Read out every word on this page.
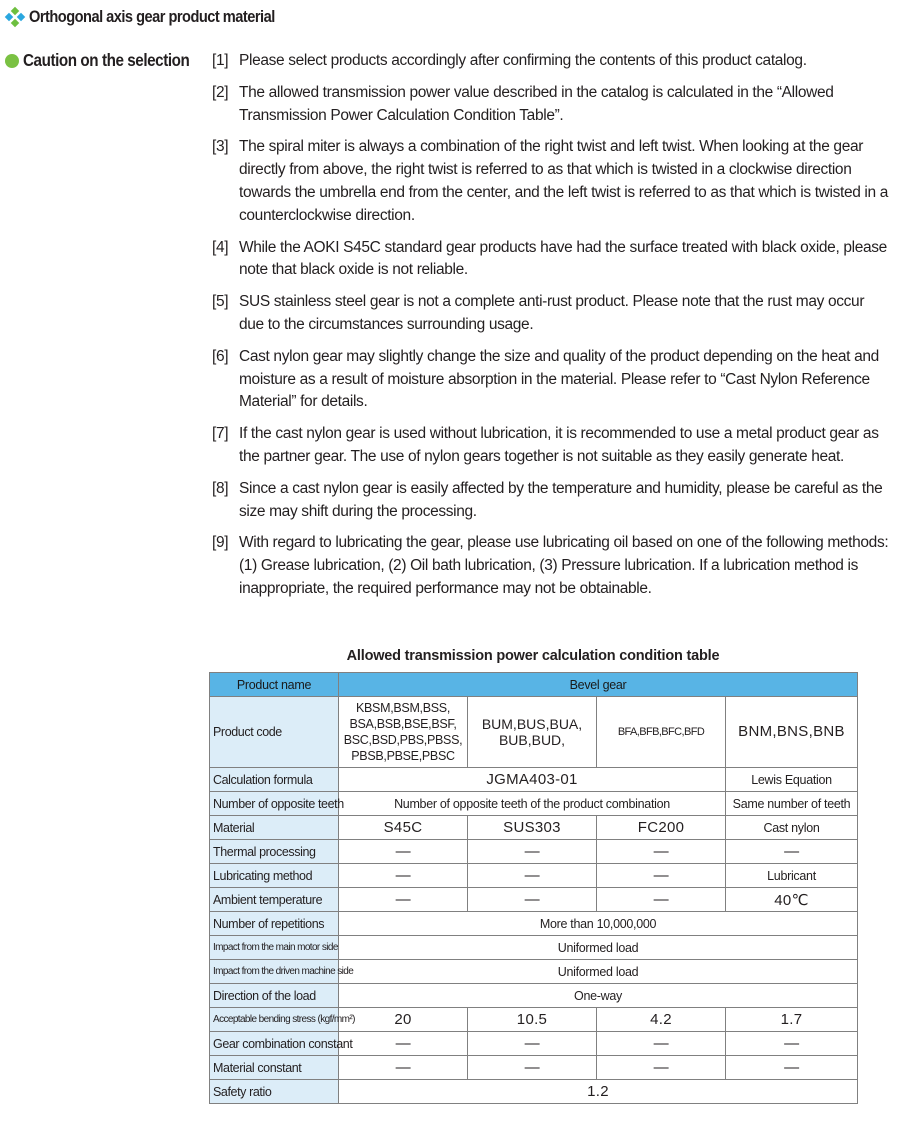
Orthogonal axis gear product material
Caution on the selection [1] Please select products accordingly after confirming the contents of this product catalog.
[2] The allowed transmission power value described in the catalog is calculated in the “Allowed Transmission Power Calculation Condition Table”.
[3] The spiral miter is always a combination of the right twist and left twist. When looking at the gear directly from above, the right twist is referred to as that which is twisted in a clockwise direction towards the umbrella end from the center, and the left twist is referred to as that which is twisted in a counterclockwise direction.
[4] While the AOKI S45C standard gear products have had the surface treated with black oxide, please note that black oxide is not reliable.
[5] SUS stainless steel gear is not a complete anti-rust product. Please note that the rust may occur due to the circumstances surrounding usage.
[6] Cast nylon gear may slightly change the size and quality of the product depending on the heat and moisture as a result of moisture absorption in the material. Please refer to “Cast Nylon Reference Material” for details.
[7] If the cast nylon gear is used without lubrication, it is recommended to use a metal product gear as the partner gear. The use of nylon gears together is not suitable as they easily generate heat.
[8] Since a cast nylon gear is easily affected by the temperature and humidity, please be careful as the size may shift during the processing.
[9] With regard to lubricating the gear, please use lubricating oil based on one of the following methods: (1) Grease lubrication, (2) Oil bath lubrication, (3) Pressure lubrication. If a lubrication method is inappropriate, the required performance may not be obtainable.
Allowed transmission power calculation condition table
Product name	Bevel gear			
Product code	KBSM,BSM,BSS, BSA,BSB,BSE,BSF, BSC,BSD,PBS,PBSS, PBSB,PBSE,PBSC	BUM,BUS,BUA, BUB,BUD,	BFA,BFB,BFC,BFD	BNM,BNS,BNB
Calculation formula	JGMA403-01			Lewis Equation
Number of opposite teeth	Number of opposite teeth of the product combination			Same number of teeth
Material	S45C	SUS303	FC200	Cast nylon
Thermal processing	—	—	—	—
Lubricating method	—	—	—	Lubricant
Ambient temperature	—	—	—	40℃
Number of repetitions	More than 10,000,000			
Impact from the main motor side	Uniformed load			
Impact from the driven machine side	Uniformed load			
Direction of the load	One-way			
Acceptable bending stress (kgf/mm²)	20	10.5	4.2	1.7
Gear combination constant	—	—	—	—
Material constant	—	—	—	—
Safety ratio	1.2			
